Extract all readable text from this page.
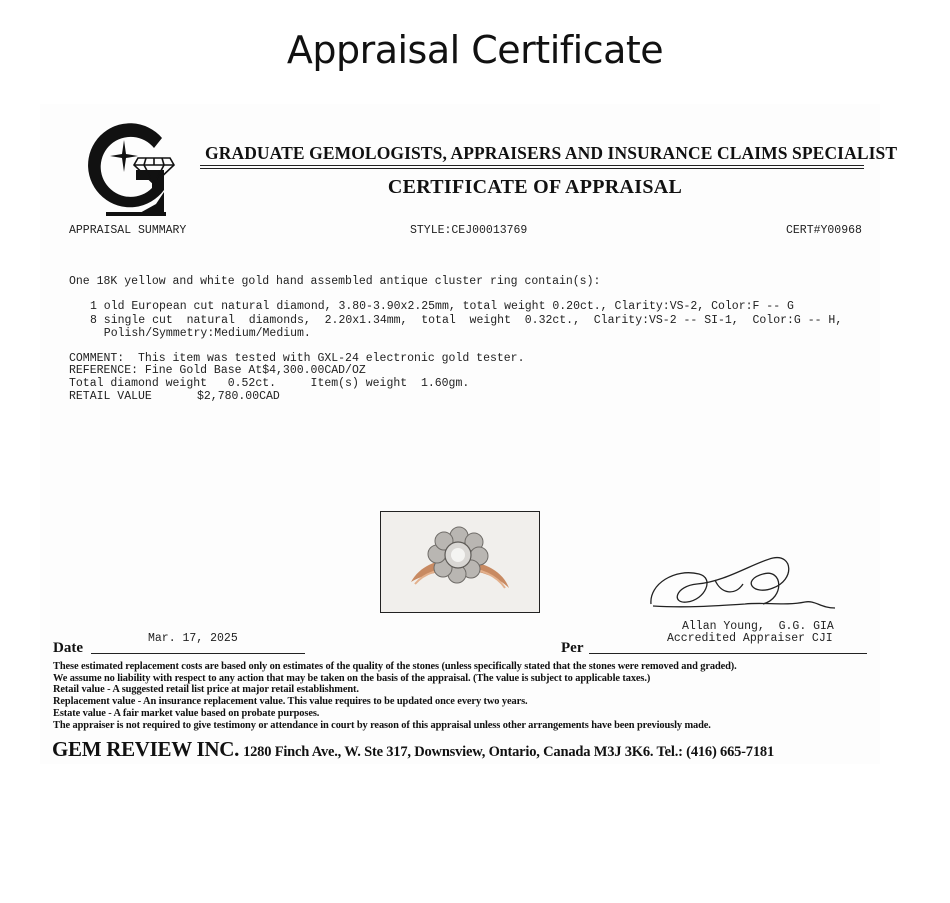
Appraisal Certificate
GRADUATE GEMOLOGISTS, APPRAISERS AND INSURANCE CLAIMS SPECIALIST
CERTIFICATE OF APPRAISAL
APPRAISAL SUMMARY	STYLE:CEJ00013769	CERT#Y00968
One 18K yellow and white gold hand assembled antique cluster ring contain(s):
1 old European cut natural diamond, 3.80-3.90x2.25mm, total weight 0.20ct., Clarity:VS-2, Color:F -- G
8 single cut  natural  diamonds,  2.20x1.34mm,  total  weight  0.32ct.,  Clarity:VS-2 -- SI-1,  Color:G -- H,
Polish/Symmetry:Medium/Medium.
COMMENT:  This item was tested with GXL-24 electronic gold tester.
REFERENCE: Fine Gold Base At$4,300.00CAD/OZ
Total diamond weight   0.52ct.     Item(s) weight  1.60gm.
RETAIL VALUE	$2,780.00CAD
Allan Young,  G.G. GIA
Accredited Appraiser CJI
Date
Mar. 17, 2025
Per
These estimated replacement costs are based only on estimates of the quality of the stones (unless specifically stated that the stones were removed and graded).
We assume no liability with respect to any action that may be taken on the basis of the appraisal. (The value is subject to applicable taxes.)
Retail value - A suggested retail list price at major retail establishment.
Replacement value - An insurance replacement value. This value requires to be updated once every two years.
Estate value - A fair market value based on probate purposes.
The appraiser is not required to give testimony or attendance in court by reason of this appraisal unless other arrangements have been previously made.
GEM REVIEW INC. 1280 Finch Ave., W. Ste 317, Downsview, Ontario, Canada M3J 3K6. Tel.: (416) 665-7181
